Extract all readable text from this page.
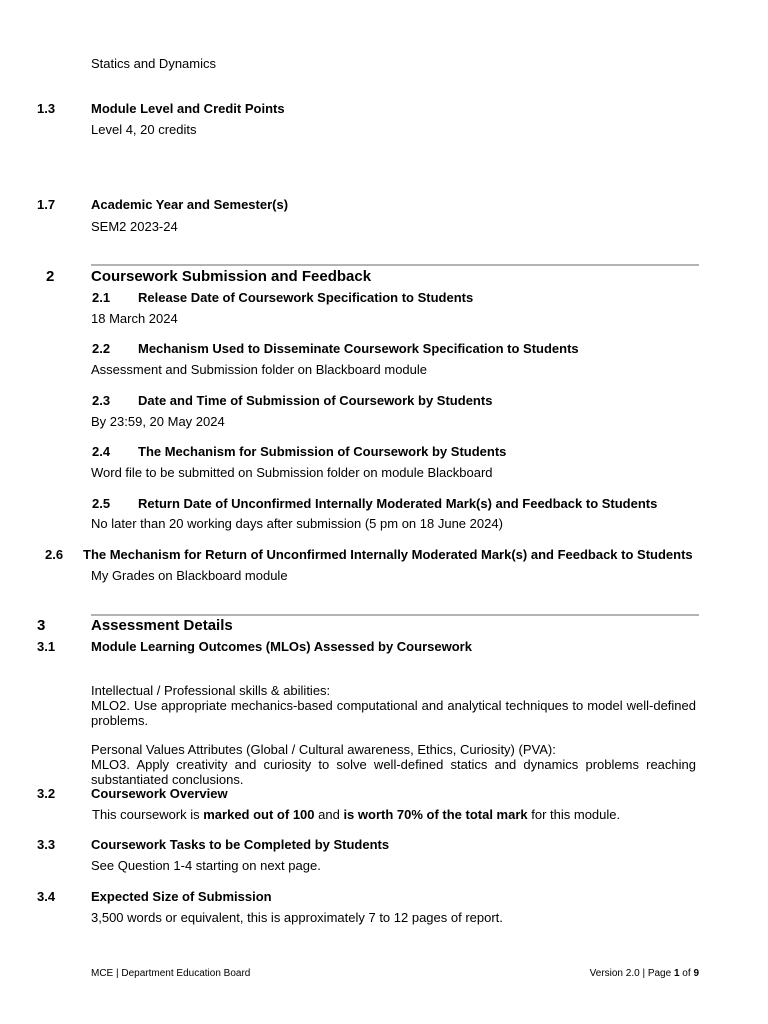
Statics and Dynamics
1.3	Module Level and Credit Points
Level 4, 20 credits
1.7	Academic Year and Semester(s)
SEM2 2023-24
2 Coursework Submission and Feedback
2.1 Release Date of Coursework Specification to Students
18 March 2024
2.2 Mechanism Used to Disseminate Coursework Specification to Students
Assessment and Submission folder on Blackboard module
2.3 Date and Time of Submission of Coursework by Students
By 23:59, 20 May 2024
2.4 The Mechanism for Submission of Coursework by Students
Word file to be submitted on Submission folder on module Blackboard
2.5 Return Date of Unconfirmed Internally Moderated Mark(s) and Feedback to Students
No later than 20 working days after submission (5 pm on 18 June 2024)
2.6 The Mechanism for Return of Unconfirmed Internally Moderated Mark(s) and Feedback to Students
My Grades on Blackboard module
3	Assessment Details
3.1	Module Learning Outcomes (MLOs) Assessed by Coursework
Intellectual / Professional skills & abilities:
MLO2. Use appropriate mechanics-based computational and analytical techniques to model well-defined
problems.
Personal Values Attributes (Global / Cultural awareness, Ethics, Curiosity) (PVA):
MLO3. Apply creativity and curiosity to solve well-defined statics and dynamics problems reaching
substantiated conclusions.
3.2	Coursework Overview
This coursework is marked out of 100 and is worth 70% of the total mark for this module.
3.3	Coursework Tasks to be Completed by Students
See Question 1-4 starting on next page.
3.4	Expected Size of Submission
3,500 words or equivalent, this is approximately 7 to 12 pages of report.
MCE | Department Education Board	Version 2.0 | Page 1 of 9
